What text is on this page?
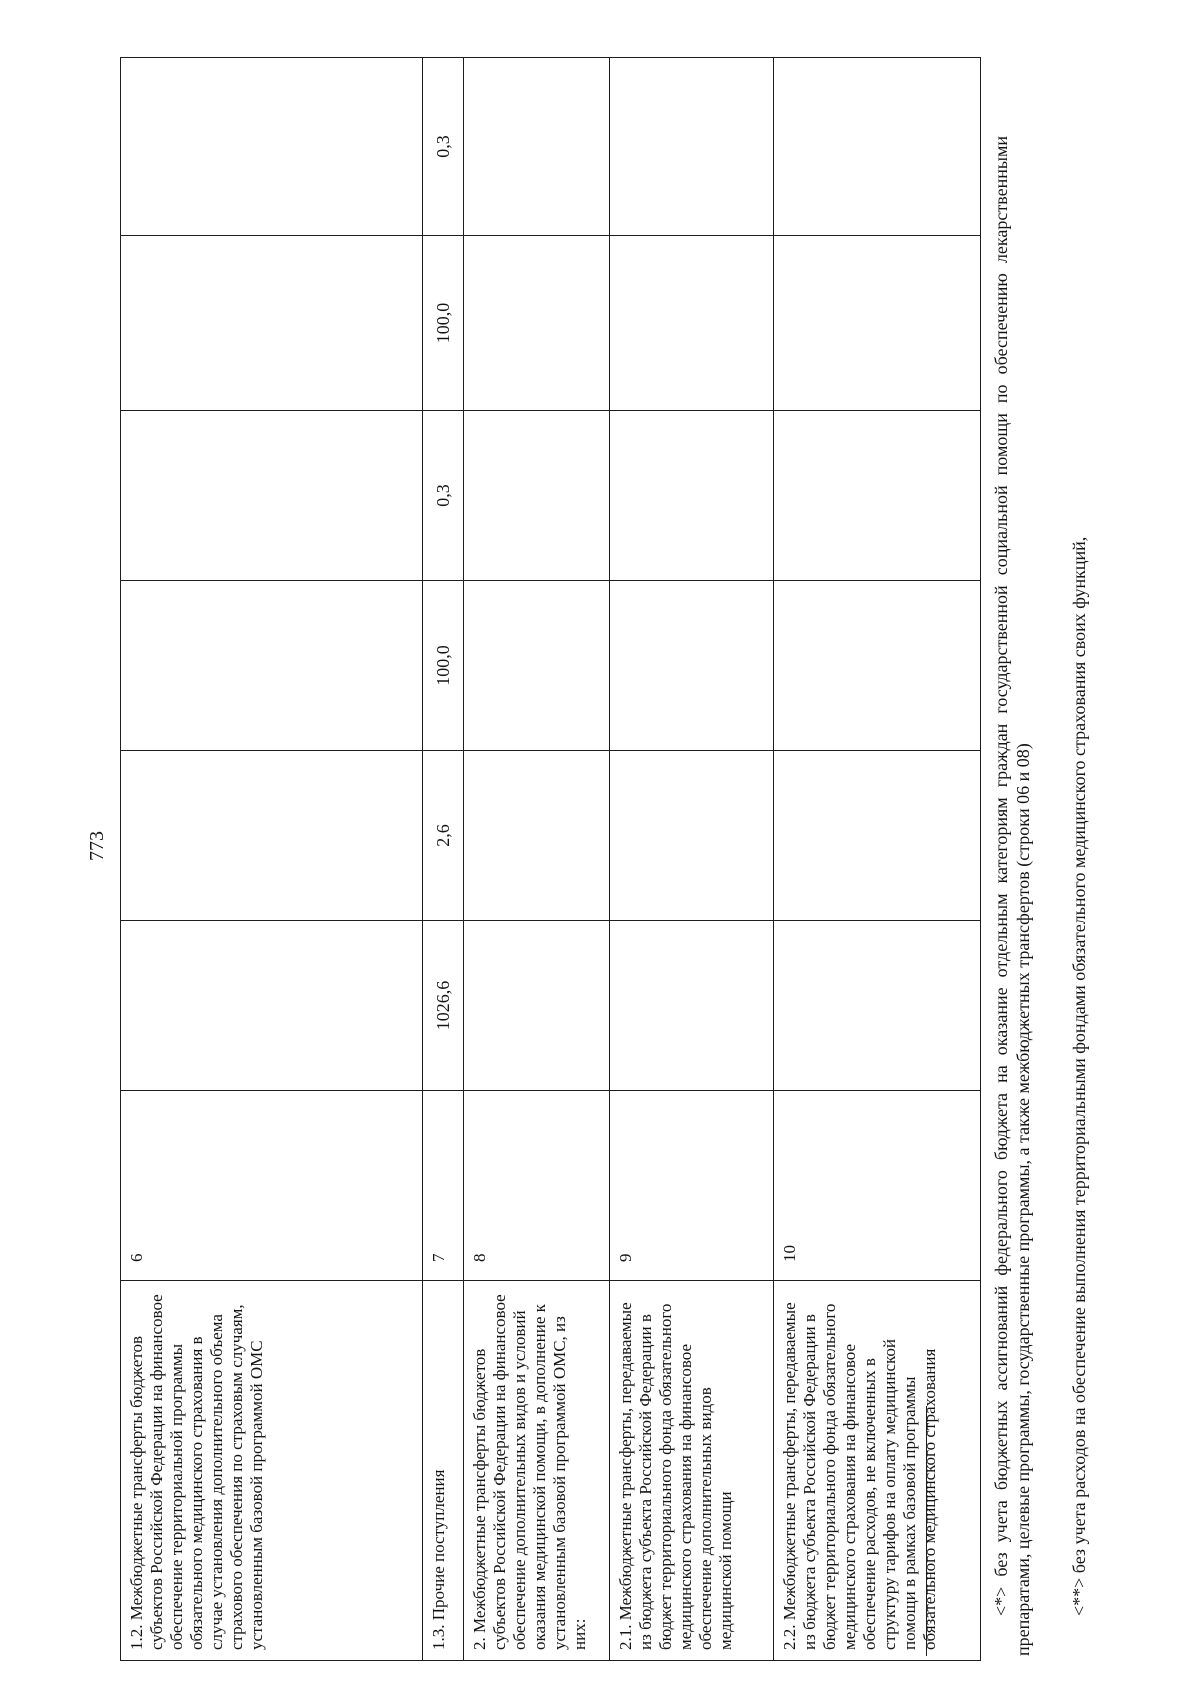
773
1.2. Межбюджетные трансферты бюджетов субъектов Российской Федерации на финансовое обеспечение территориальной программы обязательного медицинского страхования в случае установления дополнительного объема страхового обеспечения по страховым случаям, установленным базовой программой ОМС	6						
1.3. Прочие поступления	7	1026,6	2,6	100,0	0,3	100,0	0,3
2. Межбюджетные трансферты бюджетов субъектов Российской Федерации на финансовое обеспечение дополнительных видов и условий оказания медицинской помощи, в дополнение к установленным базовой программой ОМС, из них:	8						
2.1. Межбюджетные трансферты, передаваемые из бюджета субъекта Российской Федерации в бюджет территориального фонда обязательного медицинского страхования на финансовое обеспечение дополнительных видов медицинской помощи	9						
2.2. Межбюджетные трансферты, передаваемые из бюджета субъекта Российской Федерации в бюджет территориального фонда обязательного медицинского страхования на финансовое обеспечение расходов, не включенных в структуру тарифов на оплату медицинской помощи в рамках базовой программы обязательного медицинского страхования	10							<*> без учета бюджетных ассигнований федерального бюджета на оказание отдельным категориям граждан государственной социальной помощи по обеспечению лекарственными препаратами, целевые программы, государственные программы, а также межбюджетных трансфертов (строки 06 и 08) <**> без учета расходов на обеспечение выполнения территориальными фондами обязательного медицинского страхования своих функций,
